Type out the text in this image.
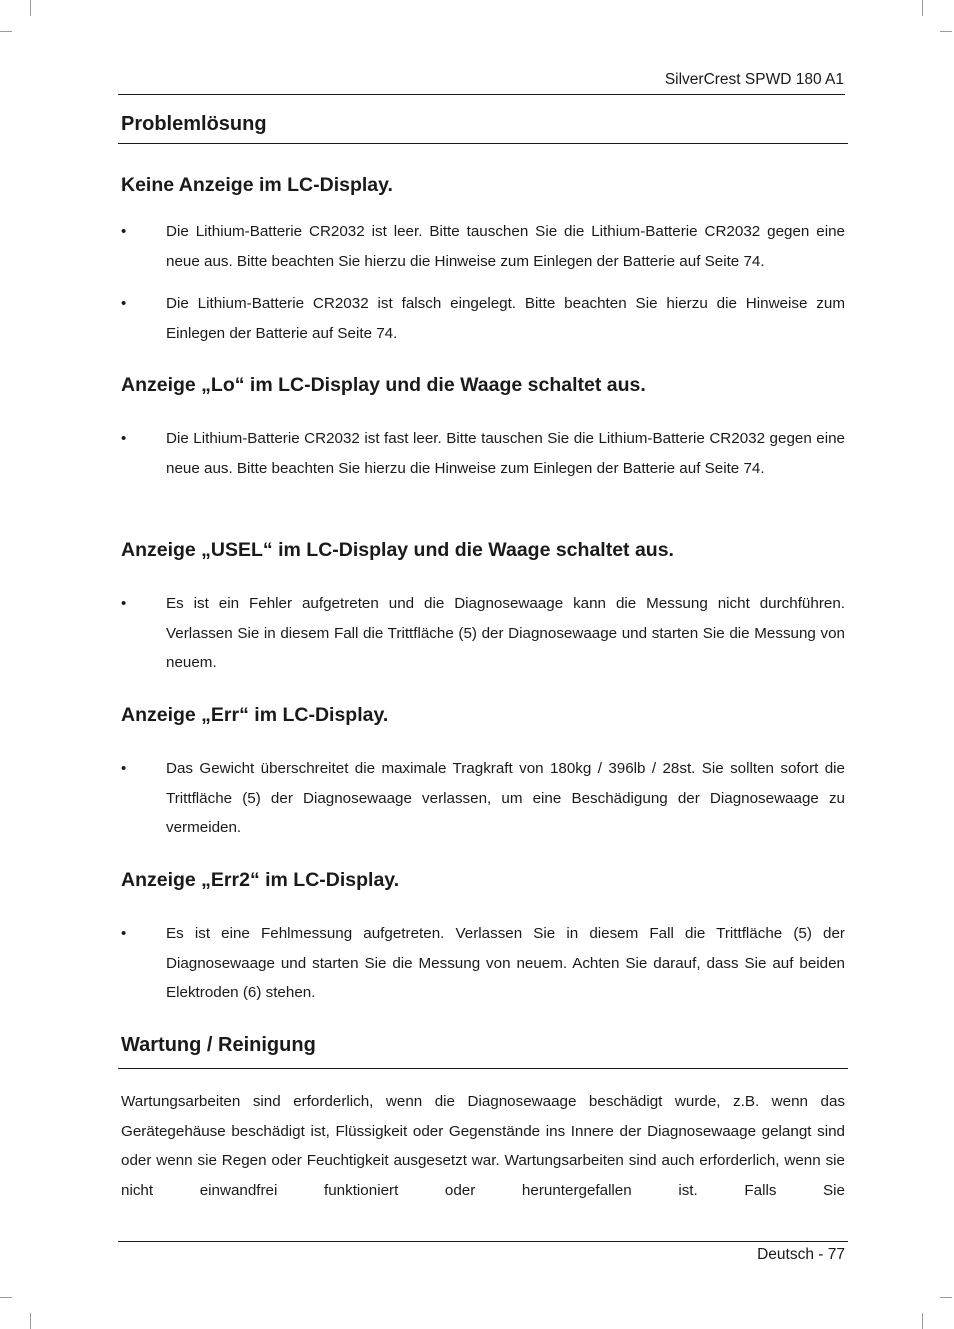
SilverCrest SPWD 180 A1
Problemlösung
Keine Anzeige im LC-Display.
•	Die Lithium-Batterie CR2032 ist leer. Bitte tauschen Sie die Lithium-Batterie CR2032 gegen eine neue aus. Bitte beachten Sie hierzu die Hinweise zum Einlegen der Batterie auf Seite 74.
•	Die Lithium-Batterie CR2032 ist falsch eingelegt. Bitte beachten Sie hierzu die Hinweise zum Einlegen der Batterie auf Seite 74.
Anzeige „Lo“ im LC-Display und die Waage schaltet aus.
•	Die Lithium-Batterie CR2032 ist fast leer. Bitte tauschen Sie die Lithium-Batterie CR2032 gegen eine neue aus. Bitte beachten Sie hierzu die Hinweise zum Einlegen der Batterie auf Seite 74.
Anzeige „USEL“ im LC-Display und die Waage schaltet aus.
•	Es ist ein Fehler aufgetreten und die Diagnosewaage kann die Messung nicht durchführen. Verlassen Sie in diesem Fall die Trittfläche (5) der Diagnosewaage und starten Sie die Messung von neuem.
Anzeige „Err“ im LC-Display.
•	Das Gewicht überschreitet die maximale Tragkraft von 180kg / 396lb / 28st. Sie sollten sofort die Trittfläche (5) der Diagnosewaage verlassen, um eine Beschädigung der Diagnosewaage zu vermeiden.
Anzeige „Err2“ im LC-Display.
•	Es ist eine Fehlmessung aufgetreten. Verlassen Sie in diesem Fall die Trittfläche (5) der Diagnosewaage und starten Sie die Messung von neuem. Achten Sie darauf, dass Sie auf beiden Elektroden (6) stehen.
Wartung / Reinigung
Wartungsarbeiten sind erforderlich, wenn die Diagnosewaage beschädigt wurde, z.B. wenn das Gerätegehäuse beschädigt ist, Flüssigkeit oder Gegenstände ins Innere der Diagnosewaage gelangt sind oder wenn sie Regen oder Feuchtigkeit ausgesetzt war. Wartungsarbeiten sind auch erforderlich, wenn sie nicht einwandfrei funktioniert oder heruntergefallen ist. Falls Sie
Deutsch - 77
